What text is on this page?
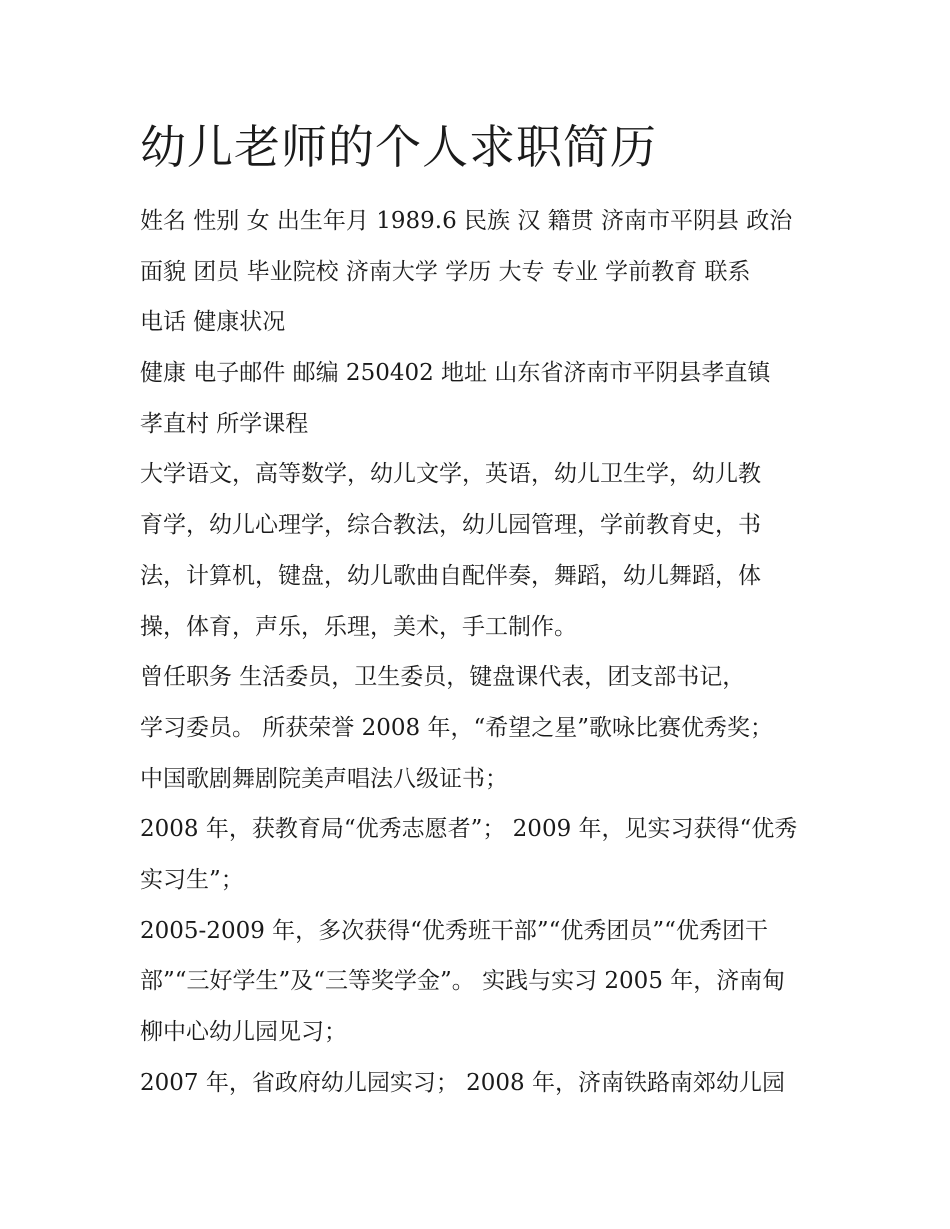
幼儿老师的个人求职简历
姓名 性别 女 出生年月 1989.6 民族 汉 籍贯 济南市平阴县 政治
面貌 团员 毕业院校 济南大学 学历 大专 专业 学前教育 联系
电话 健康状况
健康 电子邮件 邮编 250402 地址 山东省济南市平阴县孝直镇
孝直村 所学课程
大学语文，高等数学，幼儿文学，英语，幼儿卫生学，幼儿教
育学，幼儿心理学，综合教法，幼儿园管理，学前教育史，书
法，计算机，键盘，幼儿歌曲自配伴奏，舞蹈，幼儿舞蹈，体
操，体育，声乐，乐理，美术，手工制作。
曾任职务 生活委员，卫生委员，键盘课代表，团支部书记，
学习委员。 所获荣誉 2008 年，“希望之星”歌咏比赛优秀奖；
中国歌剧舞剧院美声唱法八级证书；
2008 年，获教育局“优秀志愿者”； 2009 年，见实习获得“优秀
实习生”；
2005-2009 年，多次获得“优秀班干部”“优秀团员”“优秀团干
部”“三好学生”及“三等奖学金”。 实践与实习 2005 年，济南甸
柳中心幼儿园见习；
2007 年，省政府幼儿园实习； 2008 年，济南铁路南郊幼儿园
